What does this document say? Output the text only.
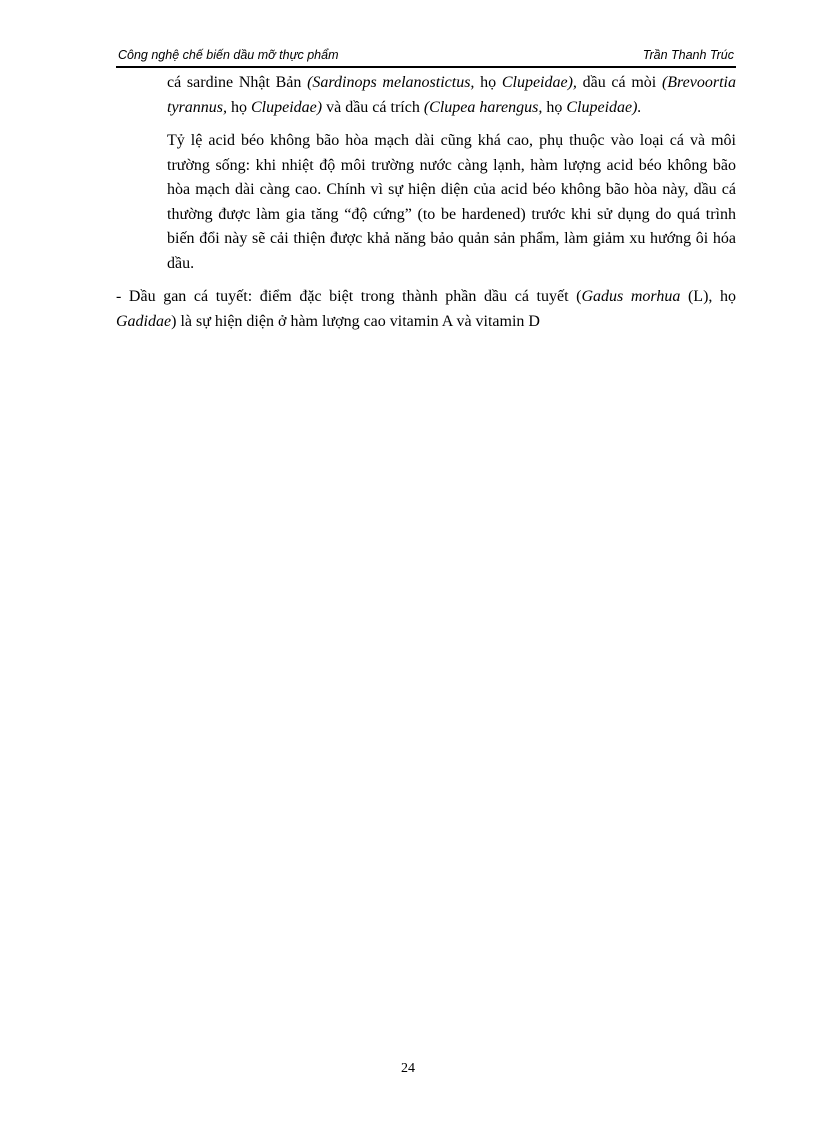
Công nghệ chế biến dầu mỡ thực phẩm	Trần Thanh Trúc

cá sardine Nhật Bản (Sardinops melanostictus, họ Clupeidae), dầu cá mòi (Brevoortia tyrannus, họ Clupeidae) và dầu cá trích (Clupea harengus, họ Clupeidae).

Tỷ lệ acid béo không bão hòa mạch dài cũng khá cao, phụ thuộc vào loại cá và môi trường sống: khi nhiệt độ môi trường nước càng lạnh, hàm lượng acid béo không bão hòa mạch dài càng cao. Chính vì sự hiện diện của acid béo không bão hòa này, dầu cá thường được làm gia tăng “độ cứng” (to be hardened) trước khi sử dụng do quá trình biến đổi này sẽ cải thiện được khả năng bảo quản sản phẩm, làm giảm xu hướng ôi hóa dầu.

- Dầu gan cá tuyết: điểm đặc biệt trong thành phần dầu cá tuyết (Gadus morhua (L), họ Gadidae) là sự hiện diện ở hàm lượng cao vitamin A và vitamin D

24
